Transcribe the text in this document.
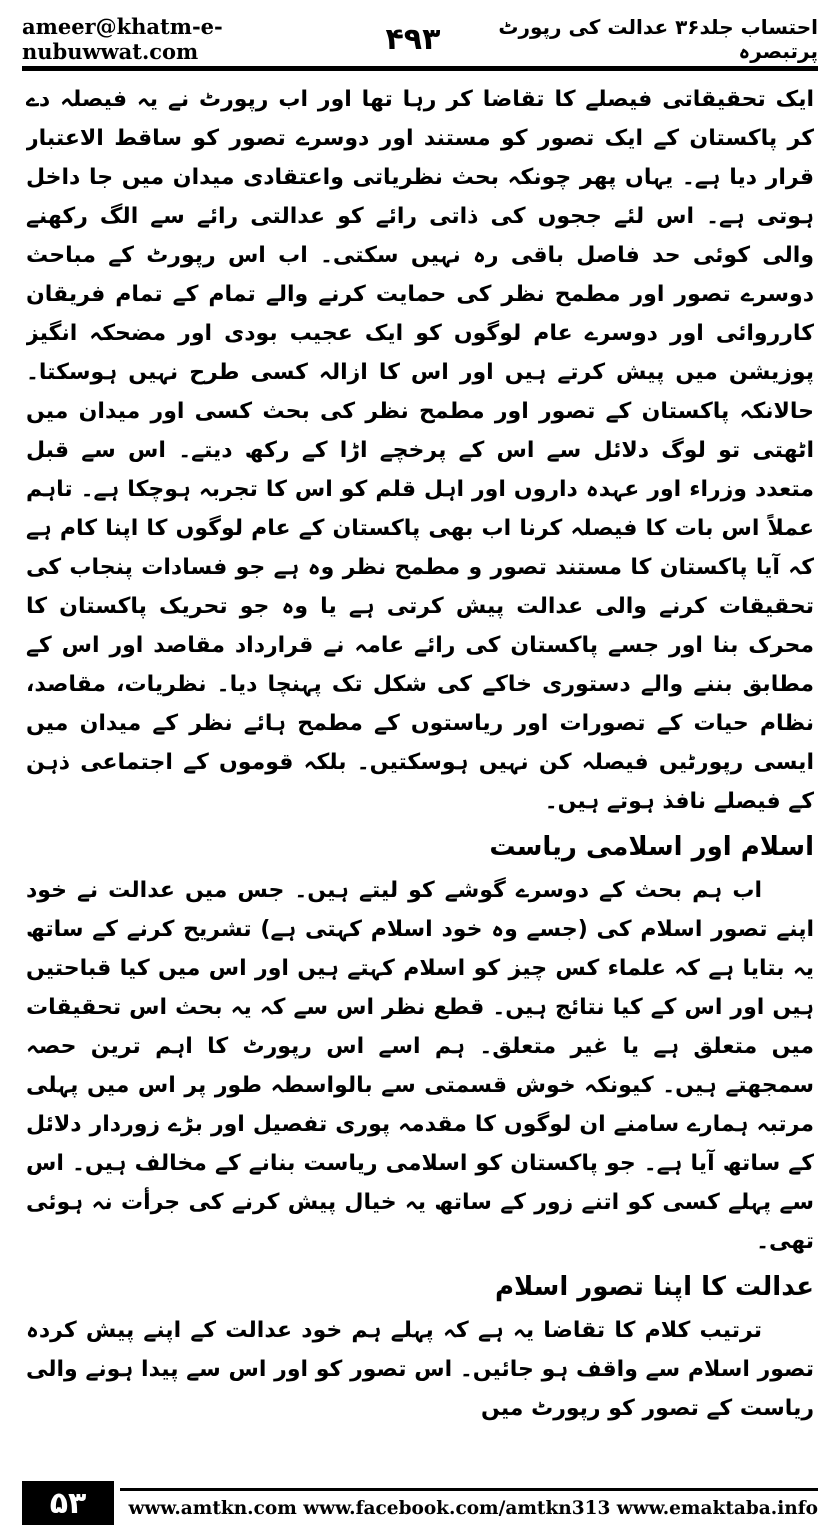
ameer@khatm-e-nubuwwat.com	۴۹۳	احتساب جلد۳۶ عدالت کی رپورٹ پرتبصرہ

ایک تحقیقاتی فیصلے کا تقاضا کر رہا تھا اور اب رپورٹ نے یہ فیصلہ دے کر پاکستان کے ایک تصور کو مستند اور دوسرے تصور کو ساقط الاعتبار قرار دیا ہے۔ یہاں پھر چونکہ بحث نظریاتی واعتقادی میدان میں جا داخل ہوتی ہے۔ اس لئے ججوں کی ذاتی رائے کو عدالتی رائے سے الگ رکھنے والی کوئی حد فاصل باقی رہ نہیں سکتی۔ اب اس رپورٹ کے مباحث دوسرے تصور اور مطمح نظر کی حمایت کرنے والے تمام کے تمام فریقان کارروائی اور دوسرے عام لوگوں کو ایک عجیب بودی اور مضحکہ انگیز پوزیشن میں پیش کرتے ہیں اور اس کا ازالہ کسی طرح نہیں ہوسکتا۔ حالانکہ پاکستان کے تصور اور مطمح نظر کی بحث کسی اور میدان میں اٹھتی تو لوگ دلائل سے اس کے پرخچے اڑا کے رکھ دیتے۔ اس سے قبل متعدد وزراء اور عہدہ داروں اور اہل قلم کو اس کا تجربہ ہوچکا ہے۔ تاہم عملاً اس بات کا فیصلہ کرنا اب بھی پاکستان کے عام لوگوں کا اپنا کام ہے کہ آیا پاکستان کا مستند تصور و مطمح نظر وہ ہے جو فسادات پنجاب کی تحقیقات کرنے والی عدالت پیش کرتی ہے یا وہ جو تحریک پاکستان کا محرک بنا اور جسے پاکستان کی رائے عامہ نے قرارداد مقاصد اور اس کے مطابق بننے والے دستوری خاکے کی شکل تک پہنچا دیا۔ نظریات، مقاصد، نظام حیات کے تصورات اور ریاستوں کے مطمح ہائے نظر کے میدان میں ایسی رپورٹیں فیصلہ کن نہیں ہوسکتیں۔ بلکہ قوموں کے اجتماعی ذہن کے فیصلے نافذ ہوتے ہیں۔

اسلام اور اسلامی ریاست

اب ہم بحث کے دوسرے گوشے کو لیتے ہیں۔ جس میں عدالت نے خود اپنے تصور اسلام کی (جسے وہ خود اسلام کہتی ہے) تشریح کرنے کے ساتھ یہ بتایا ہے کہ علماء کس چیز کو اسلام کہتے ہیں اور اس میں کیا قباحتیں ہیں اور اس کے کیا نتائج ہیں۔ قطع نظر اس سے کہ یہ بحث اس تحقیقات میں متعلق ہے یا غیر متعلق۔ ہم اسے اس رپورٹ کا اہم ترین حصہ سمجھتے ہیں۔ کیونکہ خوش قسمتی سے بالواسطہ طور پر اس میں پہلی مرتبہ ہمارے سامنے ان لوگوں کا مقدمہ پوری تفصیل اور بڑے زوردار دلائل کے ساتھ آیا ہے۔ جو پاکستان کو اسلامی ریاست بنانے کے مخالف ہیں۔ اس سے پہلے کسی کو اتنے زور کے ساتھ یہ خیال پیش کرنے کی جرأت نہ ہوئی تھی۔

عدالت کا اپنا تصور اسلام

ترتیب کلام کا تقاضا یہ ہے کہ پہلے ہم خود عدالت کے اپنے پیش کردہ تصور اسلام سے واقف ہو جائیں۔ اس تصور کو اور اس سے پیدا ہونے والی ریاست کے تصور کو رپورٹ میں

۵۳	www.amtkn.com www.facebook.com/amtkn313 www.emaktaba.info
